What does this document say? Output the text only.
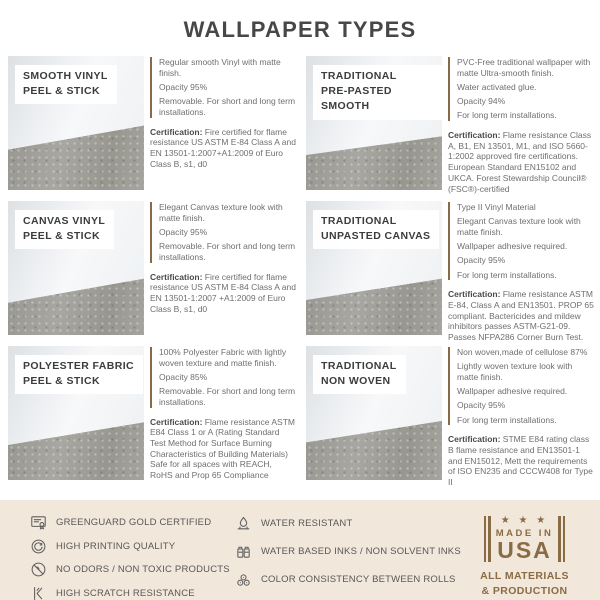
WALLPAPER TYPES
SMOOTH VINYL
PEEL & STICK

Regular smooth Vinyl with matte finish.

Opacity 95%

Removable. For short and long term installations.

Certification: Fire certified for flame resistance US ASTM E-84 Class A and EN 13501-1:2007+A1:2009 of Euro Class B, s1, d0

TRADITIONAL
PRE-PASTED SMOOTH

PVC-Free traditional wallpaper with matte Ultra-smooth finish.

Water activated glue.

Opacity 94%

For long term installations.

Certification: Flame resistance Class A, B1, EN 13501, M1, and ISO 5660-1:2002 approved fire certifications. European Standard EN15102 and UKCA. Forest Stewardship Council® (FSC®)-certified

CANVAS VINYL
PEEL & STICK

Elegant Canvas texture look with matte finish.

Opacity 95%

Removable. For short and long term installations.

Certification: Fire certified for flame resistance US ASTM E-84 Class A and EN 13501-1:2007 +A1:2009 of Euro Class B, s1, d0

TRADITIONAL
UNPASTED CANVAS

Type II Vinyl Material

Elegant Canvas texture look with matte finish.

Wallpaper adhesive required.

Opacity 95%

For long term installations.

Certification: Flame resistance ASTM E-84, Class A and EN13501. PROP 65 compliant. Bactericides and mildew inhibitors passes ASTM-G21-09. Passes NFPA286 Corner Burn Test.

POLYESTER FABRIC
PEEL & STICK

100% Polyester Fabric with lightly woven texture and matte finish.

Opacity 85%

Removable. For short and long term installations.

Certification: Flame resistance ASTM E84 Class 1 or A (Rating Standard Test Method for Surface Burning Characteristics of Building Materials)

Safe for all spaces with REACH, RoHS and Prop 65 Compliance

TRADITIONAL
NON WOVEN

Non woven,made of cellulose 87%

Lightly woven texture look with matte finish.

Wallpaper adhesive required.

Opacity 95%

For long term installations.

Certification: STME E84 rating class B flame resistance and EN13501-1 and EN15012, Mett the requirements of ISO EN235 and CCCW408 for Type II

GREENGUARD GOLD CERTIFIED
HIGH PRINTING QUALITY
NO ODORS / NON TOXIC PRODUCTS
HIGH SCRATCH RESISTANCE
WATER RESISTANT
WATER BASED INKS / NON SOLVENT INKS
COLOR CONSISTENCY BETWEEN ROLLS
★ ★ ★
MADE IN
USA
ALL MATERIALS
& PRODUCTION
